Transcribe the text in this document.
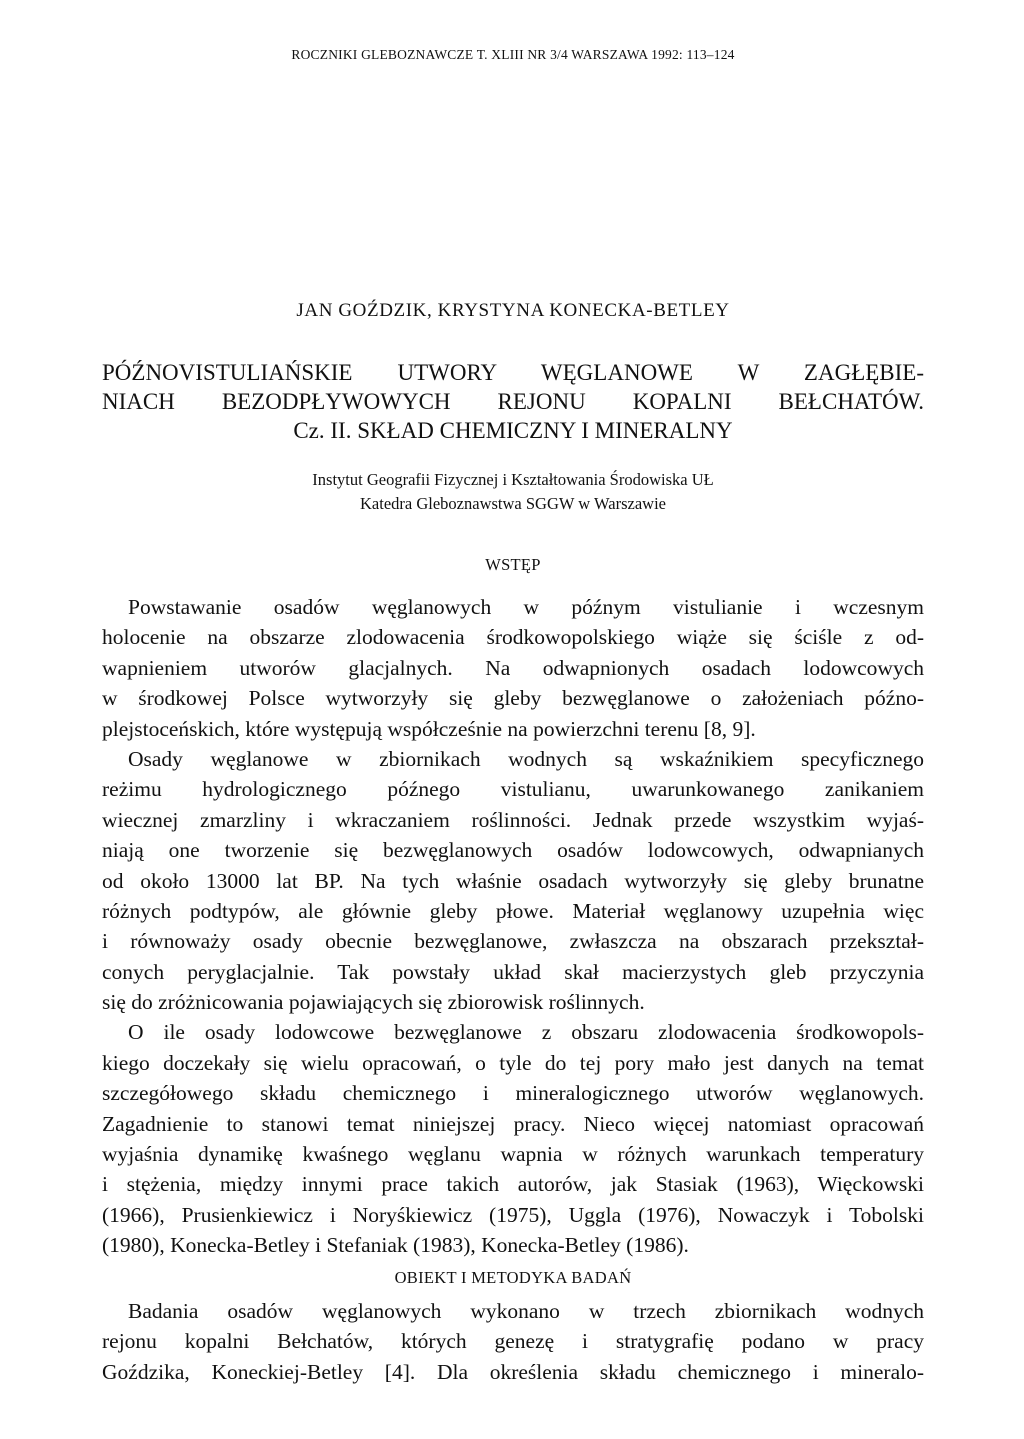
ROCZNIKI GLEBOZNAWCZE T. XLIII NR 3/4 WARSZAWA 1992: 113–124
JAN GOŹDZIK, KRYSTYNA KONECKA-BETLEY
PÓŹNOVISTULIAŃSKIE UTWORY WĘGLANOWE W ZAGŁĘBIE-
NIACH BEZODPŁYWOWYCH REJONU KOPALNI BEŁCHATÓW.
Cz. II. SKŁAD CHEMICZNY I MINERALNY
Instytut Geografii Fizycznej i Kształtowania Środowiska UŁ
Katedra Gleboznawstwa SGGW w Warszawie
WSTĘP
Powstawanie osadów węglanowych w późnym vistulianie i wczesnym
holocenie na obszarze zlodowacenia środkowopolskiego wiąże się ściśle z od-
wapnieniem utworów glacjalnych. Na odwapnionych osadach lodowcowych
w środkowej Polsce wytworzyły się gleby bezwęglanowe o założeniach późno-
plejstoceńskich, które występują współcześnie na powierzchni terenu [8, 9].
Osady węglanowe w zbiornikach wodnych są wskaźnikiem specyficznego
reżimu hydrologicznego późnego vistulianu, uwarunkowanego zanikaniem
wiecznej zmarzliny i wkraczaniem roślinności. Jednak przede wszystkim wyjaś-
niają one tworzenie się bezwęglanowych osadów lodowcowych, odwapnianych
od około 13000 lat BP. Na tych właśnie osadach wytworzyły się gleby brunatne
różnych podtypów, ale głównie gleby płowe. Materiał węglanowy uzupełnia więc
i równoważy osady obecnie bezwęglanowe, zwłaszcza na obszarach przekształ-
conych peryglacjalnie. Tak powstały układ skał macierzystych gleb przyczynia
się do zróżnicowania pojawiających się zbiorowisk roślinnych.
O ile osady lodowcowe bezwęglanowe z obszaru zlodowacenia środkowopols-
kiego doczekały się wielu opracowań, o tyle do tej pory mało jest danych na temat
szczegółowego składu chemicznego i mineralogicznego utworów węglanowych.
Zagadnienie to stanowi temat niniejszej pracy. Nieco więcej natomiast opracowań
wyjaśnia dynamikę kwaśnego węglanu wapnia w różnych warunkach temperatury
i stężenia, między innymi prace takich autorów, jak Stasiak (1963), Więckowski
(1966), Prusienkiewicz i Noryśkiewicz (1975), Uggla (1976), Nowaczyk i Tobolski
(1980), Konecka-Betley i Stefaniak (1983), Konecka-Betley (1986).
OBIEKT I METODYKA BADAŃ
Badania osadów węglanowych wykonano w trzech zbiornikach wodnych
rejonu kopalni Bełchatów, których genezę i stratygrafię podano w pracy
Goździka, Koneckiej-Betley [4]. Dla określenia składu chemicznego i mineralo-
